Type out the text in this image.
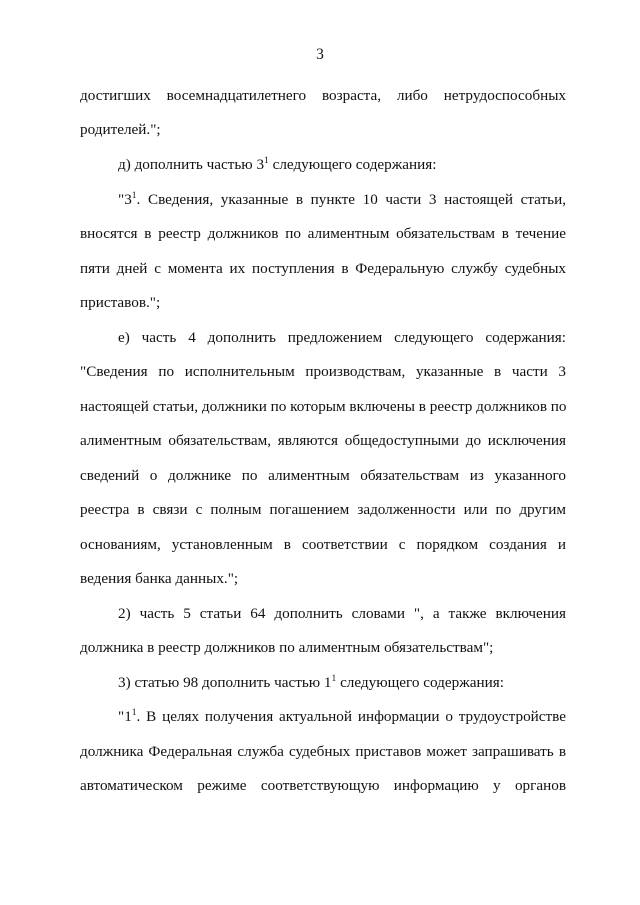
3
достигших восемнадцатилетнего возраста, либо нетрудоспособных
родителей.";
д) дополнить частью $3^1$ следующего содержания:
"$3^1$. Сведения, указанные в пункте 10 части 3 настоящей статьи,
вносятся в реестр должников по алиментным обязательствам в течение
пяти дней с момента их поступления в Федеральную службу судебных
приставов.";
е) часть 4 дополнить предложением следующего содержания:
"Сведения по исполнительным производствам, указанные в части 3
настоящей статьи, должники по которым включены в реестр должников по
алиментным обязательствам, являются общедоступными до исключения
сведений о должнике по алиментным обязательствам из указанного
реестра в связи с полным погашением задолженности или по другим
основаниям, установленным в соответствии с порядком создания и
ведения банка данных.";
2) часть 5 статьи 64 дополнить словами ", а также включения
должника в реестр должников по алиментным обязательствам";
3) статью 98 дополнить частью $1^1$ следующего содержания:
"$1^1$. В целях получения актуальной информации о трудоустройстве
должника Федеральная служба судебных приставов может запрашивать в
автоматическом режиме соответствующую информацию у органов
